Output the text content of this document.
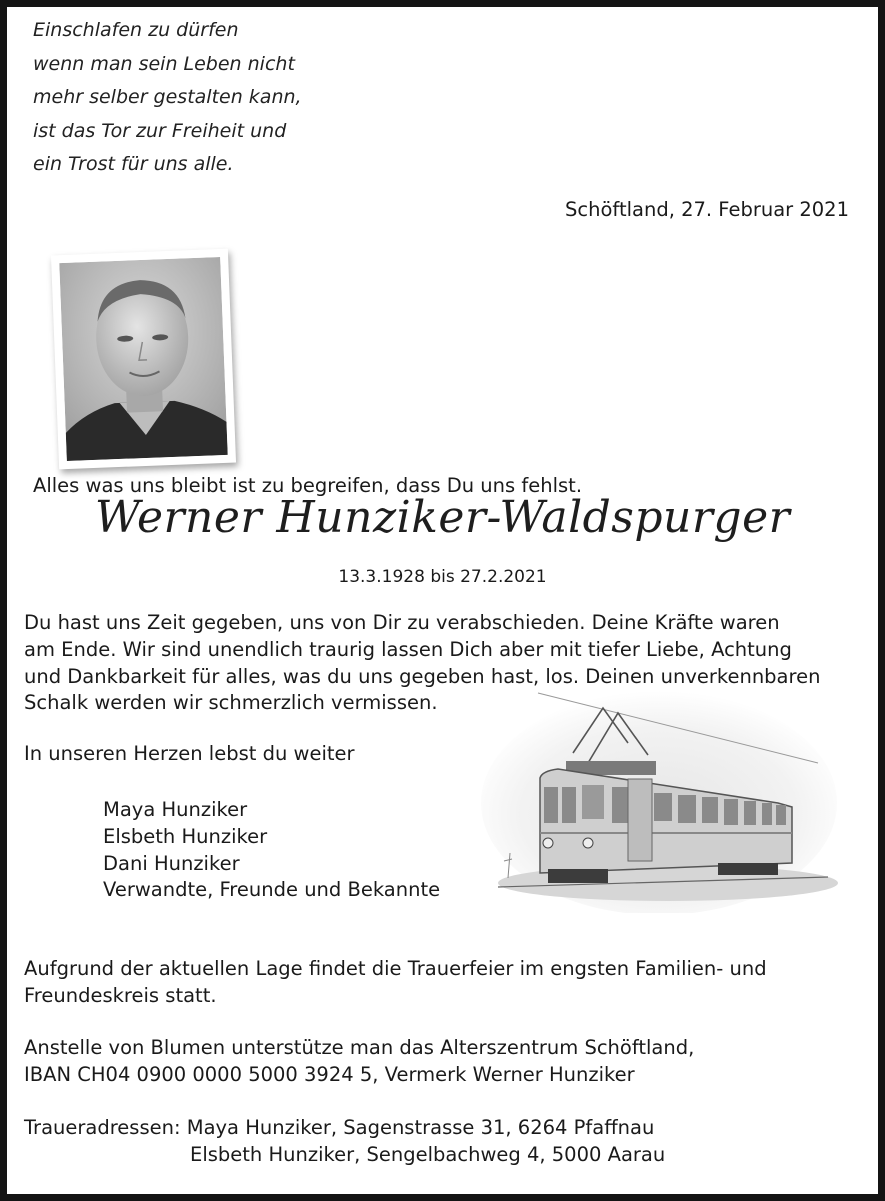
Einschlafen zu dürfen
wenn man sein Leben nicht
mehr selber gestalten kann,
ist das Tor zur Freiheit und
ein Trost für uns alle.
Schöftland, 27. Februar 2021
Alles was uns bleibt ist zu begreifen, dass Du uns fehlst.
Werner Hunziker-Waldspurger
13.3.1928 bis 27.2.2021
Du hast uns Zeit gegeben, uns von Dir zu verabschieden. Deine Kräfte waren
am Ende. Wir sind unendlich traurig lassen Dich aber mit tiefer Liebe, Achtung
und Dankbarkeit für alles, was du uns gegeben hast, los. Deinen unverkennbaren
Schalk werden wir schmerzlich vermissen.
In unseren Herzen lebst du weiter
Maya Hunziker
Elsbeth Hunziker
Dani Hunziker
Verwandte, Freunde und Bekannte
Aufgrund der aktuellen Lage findet die Trauerfeier im engsten Familien- und
Freundeskreis statt.
Anstelle von Blumen unterstütze man das Alterszentrum Schöftland,
IBAN CH04 0900 0000 5000 3924 5, Vermerk Werner Hunziker
Traueradressen: Maya Hunziker, Sagenstrasse 31, 6264 Pfaffnau
Elsbeth Hunziker, Sengelbachweg 4, 5000 Aarau
